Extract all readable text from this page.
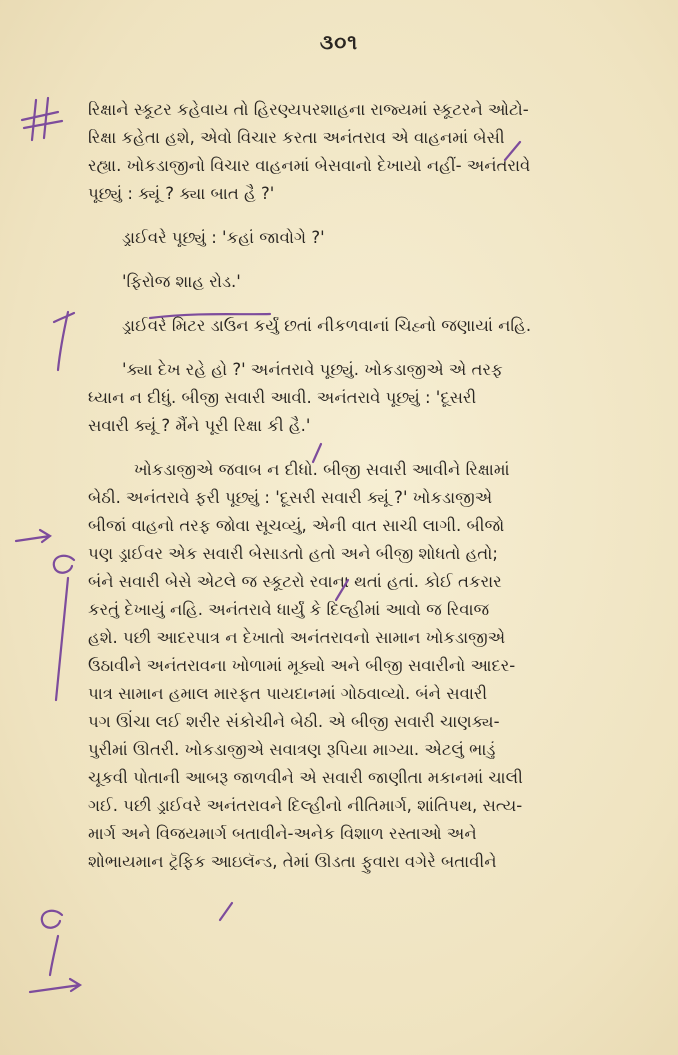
૩૦૧
રિક્ષાને સ્કૂટર કહેવાય તો હિરણ્યપરશાહના રાજ્યમાં સ્કૂટરને ઓટો-
રિક્ષા કહેતા હશે, એવો વિચાર કરતા અનંતરાવ એ વાહનમાં બેસી
રહ્યા. ખોકડાજીનો વિચાર વાહનમાં બેસવાનો દેખાયો નહીં- અનંતરાવે
પૂછ્યું : ક્યૂં ? ક્યા બાત હૈ ?'
ડ્રાઈવરે પૂછ્યું : 'કહાં જાવોગે ?'
'ફિરોજ શાહ રોડ.'
ડ્રાઈવરે મિટર ડાઉન કર્યું છતાં નીકળવાનાં ચિહ્નો જણાયાં નહિ.
'ક્યા દેખ રહે હો ?' અનંતરાવે પૂછ્યું. ખોકડાજીએ એ તરફ
ધ્યાન ન દીધું. બીજી સવારી આવી. અનંતરાવે પૂછ્યું : 'દૂસરી
સવારી ક્યૂં ? મૈંને પૂરી રિક્ષા કી હૈ.'
ખોકડાજીએ જવાબ ન દીધો. બીજી સવારી આવીને રિક્ષામાં
બેઠી. અનંતરાવે ફરી પૂછ્યું : 'દૂસરી સવારી ક્યૂં ?' ખોકડાજીએ
બીજાં વાહનો તરફ જોવા સૂચવ્યું, એની વાત સાચી લાગી. બીજો
પણ ડ્રાઈવર એક સવારી બેસાડતો હતો અને બીજી શોધતો હતો;
બંને સવારી બેસે એટલે જ સ્કૂટરો રવાના થતાં હતાં. કોઈ તકરાર
કરતું દેખાયું નહિ. અનંતરાવે ધાર્યું કે દિલ્હીમાં આવો જ રિવાજ
હશે. પછી આદરપાત્ર ન દેખાતો અનંતરાવનો સામાન ખોકડાજીએ
ઉઠાવીને અનંતરાવના ખોળામાં મૂક્યો અને બીજી સવારીનો આદર-
પાત્ર સામાન હમાલ મારફત પાયદાનમાં ગોઠવાવ્યો. બંને સવારી
પગ ઊંચા લઈ શરીર સંકોચીને બેઠી. એ બીજી સવારી ચાણક્ય-
પુરીમાં ઊતરી. ખોકડાજીએ સવાત્રણ રૂપિયા માગ્યા. એટલું ભાડું
ચૂકવી પોતાની આબરૂ જાળવીને એ સવારી જાણીતા મકાનમાં ચાલી
ગઈ. પછી ડ્રાઈવરે અનંતરાવને દિલ્હીનો નીતિમાર્ગ, શાંતિપથ, સત્ય-
માર્ગ અને વિજયમાર્ગ બતાવીને-અનેક વિશાળ રસ્તાઓ અને
શોભાયમાન ટ્રૅફિક આઇલૅન્ડ, તેમાં ઊડતા ફુવારા વગેરે બતાવીને
